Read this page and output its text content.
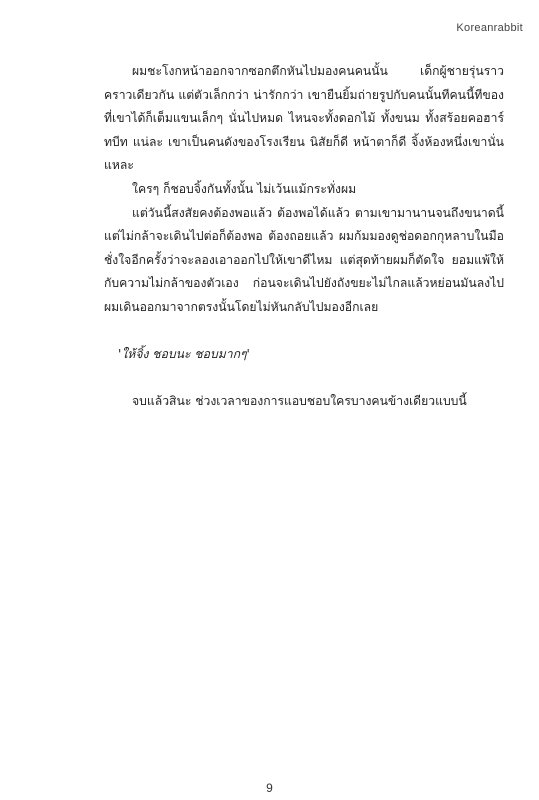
Koreanrabbit

ผมชะโงกหน้าออกจากซอกตึกหันไปมองคนคนนั้น เด็กผู้ชายรุ่นราวคราวเดียวกัน แต่ตัวเล็กกว่า น่ารักกว่า เขายืนยิ้มถ่ายรูปกับคนนั้นทีคนนี้ทีของที่เขาได้ก็เต็มแขนเล็กๆ นั่นไปหมด ไหนจะทั้งดอกไม้ ทั้งขนม ทั้งสร้อยคอฮาร์ทบีท แน่ละ เขาเป็นคนดังของโรงเรียน นิสัยก็ดี หน้าตาก็ดี จิ้งห้องหนึ่งเขานั่นแหละ

ใครๆ ก็ชอบจิ้งกันทั้งนั้น ไม่เว้นแม้กระทั่งผม

แต่วันนี้สงสัยคงต้องพอแล้ว ต้องพอได้แล้ว ตามเขามานานจนถึงขนาดนี้แต่ไม่กล้าจะเดินไปต่อก็ต้องพอ ต้องถอยแล้ว ผมก้มมองดูช่อดอกกุหลาบในมือชั่งใจอีกครั้งว่าจะลองเอาออกไปให้เขาดีไหม แต่สุดท้ายผมก็ตัดใจ ยอมแพ้ให้กับความไม่กล้าของตัวเอง ก่อนจะเดินไปยังถังขยะไม่ไกลแล้วหย่อนมันลงไป ผมเดินออกมาจากตรงนั้นโดยไม่หันกลับไปมองอีกเลย

'ให้จิ้ง ชอบนะ ชอบมากๆ'

จบแล้วสินะ ช่วงเวลาของการแอบชอบใครบางคนข้างเดียวแบบนี้

9
